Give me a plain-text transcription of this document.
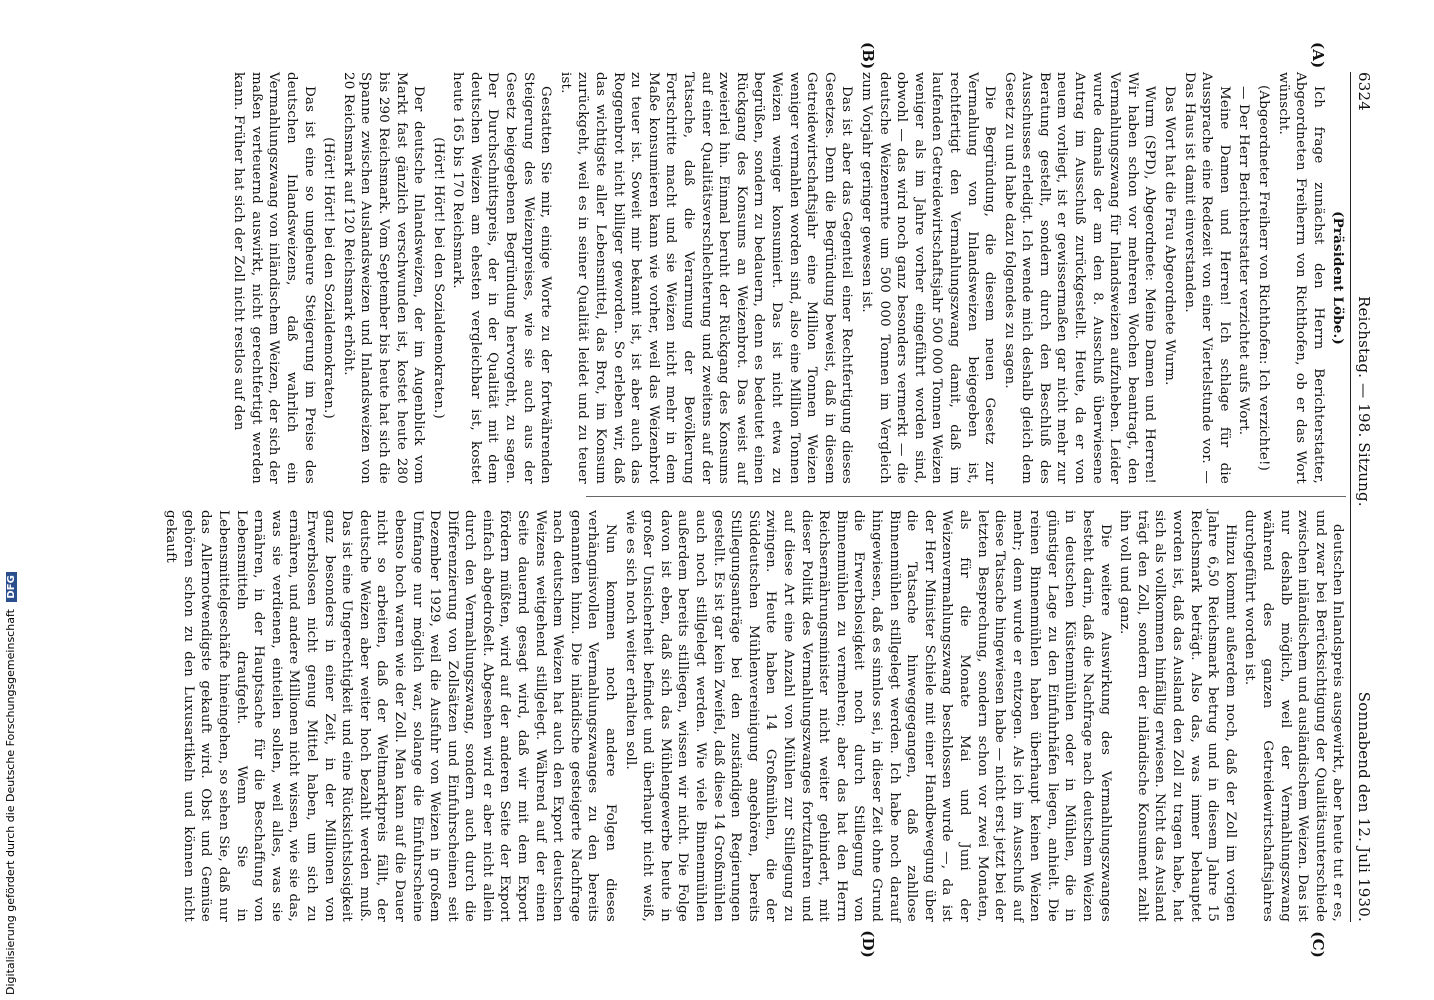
6324
Reichstag. — 198. Sitzung.
Sonnabend den 12. Juli 1930.
(A)
(B)
(C)
(D)

(Präsident Löbe.)

Ich frage zunächst den Herrn Berichterstatter, Abgeordneten Freiherrn von Richthofen, ob er das Wort wünscht.

(Abgeordneter Freiherr von Richthofen: Ich verzichte!)

— Der Herr Berichterstatter verzichtet aufs Wort.

Meine Damen und Herren! Ich schlage für die Aussprache eine Redezeit von einer Viertelstunde vor. — Das Haus ist damit einverstanden.

Das Wort hat die Frau Abgeordnete Wurm.

Wurm (SPD), Abgeordnete: Meine Damen und Herren! Wir haben schon vor mehreren Wochen beantragt, den Vermahlungszwang für Inlandsweizen aufzuheben. Leider wurde damals der am den 8. Ausschuß überwiesene Antrag im Ausschuß zurückgestellt. Heute, da er von neuem vorliegt, ist er gewissermaßen gar nicht mehr zur Beratung gestellt, sondern durch den Beschluß des Ausschusses erledigt. Ich wende mich deshalb gleich dem Gesetz zu und habe dazu folgendes zu sagen.

Die Begründung, die diesem neuen Gesetz zur Vermahlung von Inlandsweizen beigegeben ist, rechtfertigt den Vermahlungszwang damit, daß im laufenden Getreidewirtschaftsjahr 500 000 Tonnen Weizen weniger als im Jahre vorher eingeführt worden sind, obwohl — das wird noch ganz besonders vermerkt — die deutsche Weizenernte um 500 000 Tonnen im Vergleich zum Vorjahr geringer gewesen ist.

Das ist aber das Gegenteil einer Rechtfertigung dieses Gesetzes. Denn die Begründung beweist, daß in diesem Getreidewirtschaftsjahr eine Million Tonnen Weizen weniger vermahlen worden sind, also eine Million Tonnen Weizen weniger konsumiert. Das ist nicht etwa zu begrüßen, sondern zu bedauern, denn es bedeutet einen Rückgang des Konsums an Weizenbrot. Das weist auf zweierlei hin. Einmal beruht der Rückgang des Konsums auf einer Qualitätsverschlechterung und zweitens auf der Tatsache, daß die Verarmung der Bevölkerung Fortschritte macht und sie Weizen nicht mehr in dem Maße konsumieren kann wie vorher, weil das Weizenbrot zu teuer ist. Soweit mir bekannt ist, ist aber auch das Roggenbrot nicht billiger geworden. So erleben wir, daß das wichtigste aller Lebensmittel, das Brot, im Konsum zurückgeht, weil es in seiner Qualität leidet und zu teuer ist.

Gestatten Sie mir, einige Worte zu der fortwährenden Steigerung des Weizenpreises, wie sie auch aus der Gesetz beigegebenen Begründung hervorgeht, zu sagen. Der Durchschnittspreis, der in der Qualität mit dem deutschen Weizen am ehesten vergleichbar ist, kostet heute 165 bis 170 Reichsmark.

(Hört! Hört! bei den Sozialdemokraten.)

Der deutsche Inlandsweizen, der im Augenblick vom Markt fast gänzlich verschwunden ist, kostet heute 280 bis 290 Reichsmark. Vom September bis heute hat sich die Spanne zwischen Auslandsweizen und Inlandsweizen von 20 Reichsmark auf 120 Reichsmark erhöht.

(Hört! Hört! bei den Sozialdemokraten.)

Das ist eine so ungeheure Steigerung im Preise des deutschen Inlandsweizens, daß wahrlich ein Vermahlungszwang von inländischem Weizen, der sich der maßen verteuernd auswirkt, nicht gerechtfertigt werden kann. Früher hat sich der Zoll nicht restlos auf den

deutschen Inlandspreis ausgewirkt, aber heute tut er es, und zwar bei Berücksichtigung der Qualitätsunterschiede zwischen inländischem und ausländischem Weizen. Das ist nur deshalb möglich, weil der Vermahlungszwang während des ganzen Getreidewirtschaftsjahres durchgeführt worden ist.

Hinzu kommt außerdem noch, daß der Zoll im vorigen Jahre 6,50 Reichsmark betrug und in diesem Jahre 15 Reichsmark beträgt. Also das, was immer behauptet worden ist, daß das Ausland den Zoll zu tragen habe, hat sich als vollkommen hinfällig erwiesen. Nicht das Ausland trägt den Zoll, sondern der inländische Konsument zahlt ihn voll und ganz.

Die weitere Auswirkung des Vermahlungszwanges besteht darin, daß die Nachfrage nach deutschem Weizen in deutschen Küstenmühlen oder in Mühlen, die in günstiger Lage zu den Einfuhrhäfen liegen, anhielt. Die reinen Binnenmühlen haben überhaupt keinen Weizen mehr; denn wurde er entzogen. Als ich im Ausschuß auf diese Tatsache hingewiesen habe — nicht erst jetzt bei der letzten Besprechung, sondern schon vor zwei Monaten, als für die Monate Mai und Juni der Weizenvermahlungszwang beschlossen wurde —, da ist der Herr Minister Schiele mit einer Handbewegung über die Tatsache hinweggegangen, daß zahllose Binnenmühlen stillgelegt werden. Ich habe noch darauf hingewiesen, daß es sinnlos sei, in dieser Zeit ohne Grund die Erwerbslosigkeit noch durch Stillegung von Binnenmühlen zu vermehren; aber das hat den Herrn Reichsernährungsminister nicht weiter gehindert, mit dieser Politik des Vermahlungszwanges fortzufahren und auf diese Art eine Anzahl von Mühlen zur Stillegung zu zwingen. Heute haben 14 Großmühlen, die der Süddeutschen Mühlenvereinigung angehören, bereits Stillegungsanträge bei den zuständigen Regierungen gestellt. Es ist gar kein Zweifel, daß diese 14 Großmühlen auch noch stillgelegt werden. Wie viele Binnenmühlen außerdem bereits stilliegen, wissen wir nicht. Die Folge davon ist eben, daß sich das Mühlengewerbe heute in großer Unsicherheit befindet und überhaupt nicht weiß, wie es sich noch weiter erhalten soll.

Nun kommen noch andere Folgen dieses verhängnisvollen Vermahlungszwanges zu den bereits genannten hinzu. Die inländische gesteigerte Nachfrage nach deutschem Weizen hat auch den Export deutschen Weizens weitgehend stillgelegt. Während auf der einen Seite dauernd gesagt wird, daß wir mit dem Export fördern müßten, wird auf der anderen Seite der Export einfach abgedroßelt. Abgesehen wird er aber nicht allein durch den Vermahlungszwang, sondern auch durch die Differenzierung von Zollsätzen und Einfuhrscheinen seit Dezember 1929, weil die Ausfuhr von Weizen in großem Umfange nur möglich war, solange die Einfuhrscheine ebenso hoch waren wie der Zoll. Man kann auf die Dauer nicht so arbeiten, daß der Weltmarktpreis fällt, der deutsche Weizen aber weiter hoch bezahlt werden muß. Das ist eine Ungerechtigkeit und eine Rücksichtslosigkeit ganz besonders in einer Zeit, in der Millionen von Erwerbslosen nicht genug Mittel haben, um sich zu ernähren, und andere Millionen nicht wissen, wie sie das, was sie verdienen, einteilen sollen, weil alles, was sie ernähren, in der Hauptsache für die Beschaffung von Lebensmitteln draufgeht. Wenn Sie in Lebensmittelgeschäfte hineingehen, so sehen Sie, daß nur das Allernotwendigste gekauft wird. Obst und Gemüse gehören schon zu den Luxusartikeln und können nicht gekauft

Digitalisierung gefördert durch die Deutsche Forschungsgemeinschaft DFG
